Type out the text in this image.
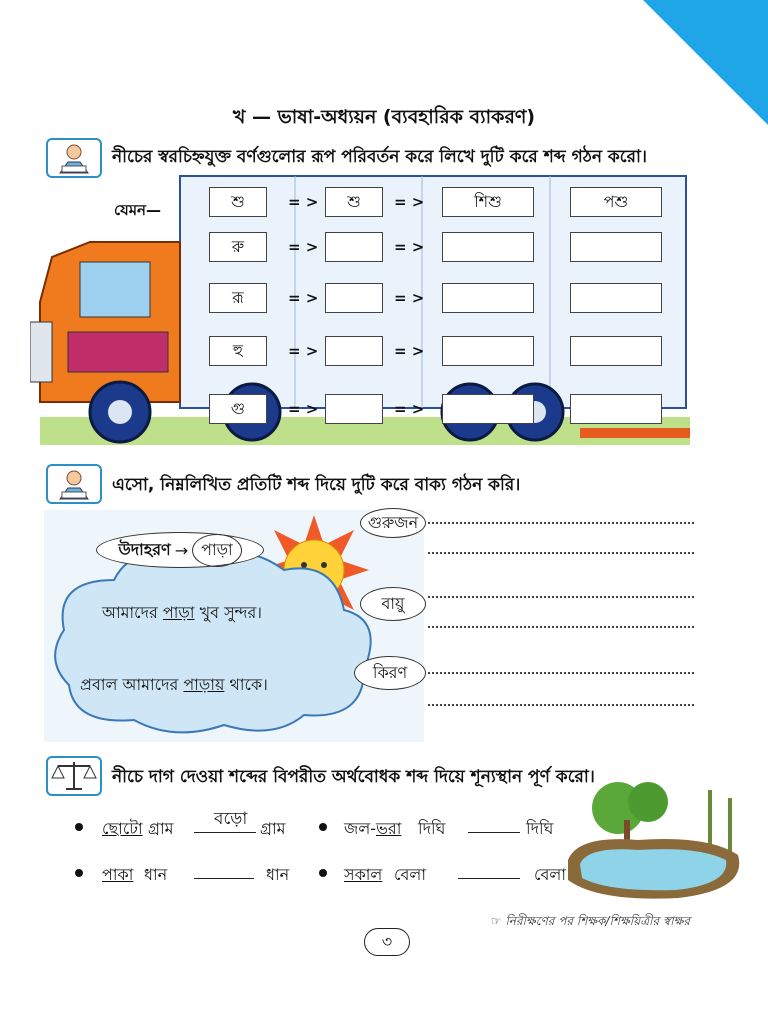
খ — ভাষা-অধ্যয়ন (ব্যবহারিক ব্যাকরণ)
নীচের স্বরচিহ্নযুক্ত বর্ণগুলোর রূপ পরিবর্তন করে লিখে দুটি করে শব্দ গঠন করো।
যেমন—	শু	= >	শু	= >	শিশু	পশু
রু	= >	= >
রূ	= >	= >
হু	= >	= >
গু	= >	= >
এসো, নিম্নলিখিত প্রতিটি শব্দ দিয়ে দুটি করে বাক্য গঠন করি।
উদাহরণ → পাড়া
আমাদের পাড়া খুব সুন্দর।
প্রবাল আমাদের পাড়ায় থাকে।
গুরুজন
বায়ু
কিরণ
নীচে দাগ দেওয়া শব্দের বিপরীত অর্থবোধক শব্দ দিয়ে শূন্যস্থান পূর্ণ করো।
ছোটো গ্রাম বড়ো গ্রাম	জল- ভরা দিঘি	দিঘি
পাকা ধান	ধান	সকাল বেলা	বেলা
☞ নিরীক্ষণের পর শিক্ষক/শিক্ষয়িত্রীর স্বাক্ষর
৩
